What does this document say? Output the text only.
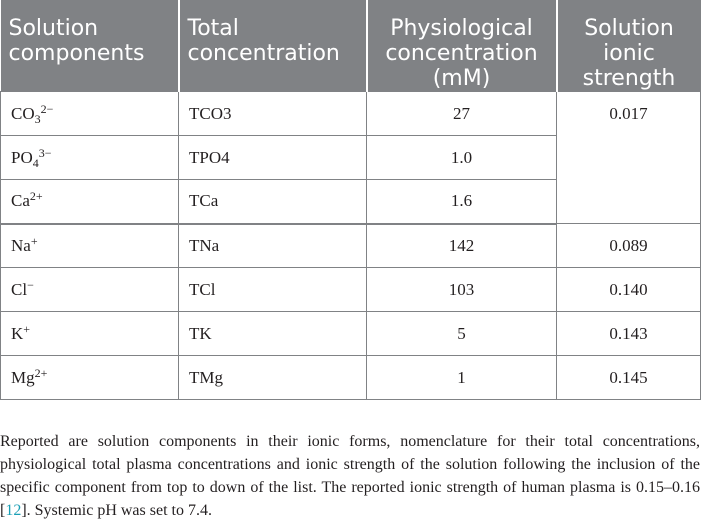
Solution components	Total concentration	Physiological concentration (mM)	Solution ionic strength
$CO_3^{2-}$	TCO3	27	0.017
$PO_4^{3-}$	TPO4	1.0	
$Ca^{2+}$	TCa	1.6	
Na+	TNa	142	0.089
Cl−	TCl	103	0.140
K+	TK	5	0.143
$Mg^{2+}$	TMg	1	0.145

Reported are solution components in their ionic forms, nomenclature for their total concentrations, physiological total plasma concentrations and ionic strength of the solution following the inclusion of the specific component from top to down of the list. The reported ionic strength of human plasma is 0.15–0.16 [12]. Systemic pH was set to 7.4.
